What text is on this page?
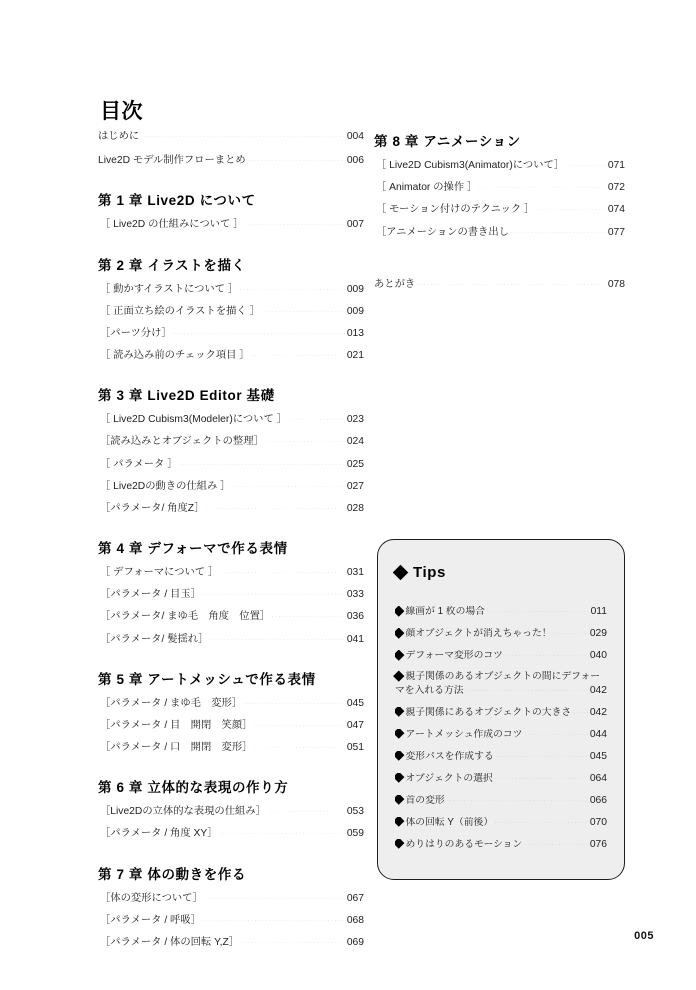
目次
はじめに .....	004
Live2D モデル制作フローまとめ .....	006
第 1 章 Live2D について
［ Live2D の仕組みについて ］ .....	007
第 2 章 イラストを描く
［ 動かすイラストについて ］ .....	009
［ 正面立ち絵のイラストを描く ］ .....	009
［パーツ分け］ .....	013
［ 読み込み前のチェック項目 ］ .....	021
第 3 章 Live2D Editor 基礎
［ Live2D Cubism3(Modeler)について ］ .....	023
［読み込みとオブジェクトの整理］ .....	024
［ パラメータ ］ .....	025
［ Live2Dの動きの仕組み ］ .....	027
［パラメータ/ 角度Z］ .....	028
第 4 章 デフォーマで作る表情
［ デフォーマについて ］ .....	031
［パラメータ / 目玉］ .....	033
［パラメータ/ まゆ毛　角度　位置］ .....	036
［パラメータ/ 髪揺れ］ .....	041
第 5 章 アートメッシュで作る表情
［パラメータ / まゆ毛　変形］ .....	045
［パラメータ / 目　開閉　笑顔］ .....	047
［パラメータ / 口　開閉　変形］ .....	051
第 6 章 立体的な表現の作り方
［Live2Dの立体的な表現の仕組み］ .....	053
［パラメータ / 角度 XY］ .....	059
第 7 章 体の動きを作る
［体の変形について］ .....	067
［パラメータ / 呼吸］ .....	068
［パラメータ / 体の回転 Y,Z］ .....	069
第 8 章 アニメーション
［ Live2D Cubism3(Animator)について］ .....	071
［ Animator の操作 ］ .....	072
［ モーション付けのテクニック ］ .....	074
［アニメーションの書き出し .....	077
あとがき .....	078
Tips
線画が 1 枚の場合 .....	011
顔オブジェクトが消えちゃった！ .....	029
デフォーマ変形のコツ .....	040
親子関係のあるオブジェクトの間にデフォー
マを入れる方法 .....	042
親子関係にあるオブジェクトの大きさ ..... 042
アートメッシュ作成のコツ .....	044
変形パスを作成する .....	045
オブジェクトの選択 .....	064
首の変形 .....	066
体の回転 Y（前後） .....	070
めりはりのあるモーション .....	076
005
